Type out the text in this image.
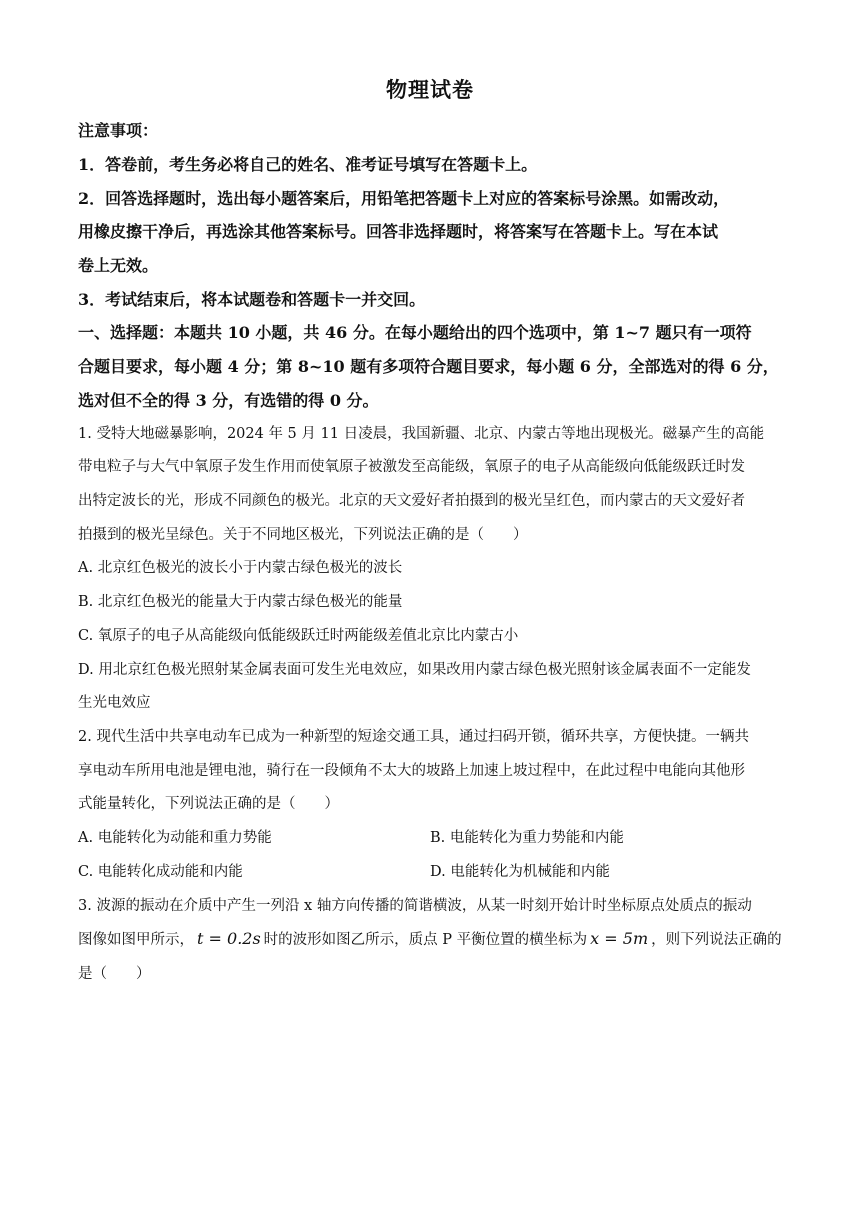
物理试卷
注意事项：
1．答卷前，考生务必将自己的姓名、准考证号填写在答题卡上。
2．回答选择题时，选出每小题答案后，用铅笔把答题卡上对应的答案标号涂黑。如需改动，
用橡皮擦干净后，再选涂其他答案标号。回答非选择题时，将答案写在答题卡上。写在本试
卷上无效。
3．考试结束后，将本试题卷和答题卡一并交回。
一、选择题：本题共 10 小题，共 46 分。在每小题给出的四个选项中，第 1~7 题只有一项符
合题目要求，每小题 4 分；第 8~10 题有多项符合题目要求，每小题 6 分，全部选对的得 6 分，
选对但不全的得 3 分，有选错的得 0 分。
1. 受特大地磁暴影响，2024 年 5 月 11 日凌晨，我国新疆、北京、内蒙古等地出现极光。磁暴产生的高能
带电粒子与大气中氧原子发生作用而使氧原子被激发至高能级，氧原子的电子从高能级向低能级跃迁时发
出特定波长的光，形成不同颜色的极光。北京的天文爱好者拍摄到的极光呈红色，而内蒙古的天文爱好者
拍摄到的极光呈绿色。关于不同地区极光，下列说法正确的是（　　）
A. 北京红色极光的波长小于内蒙古绿色极光的波长
B. 北京红色极光的能量大于内蒙古绿色极光的能量
C. 氧原子的电子从高能级向低能级跃迁时两能级差值北京比内蒙古小
D. 用北京红色极光照射某金属表面可发生光电效应，如果改用内蒙古绿色极光照射该金属表面不一定能发
生光电效应
2. 现代生活中共享电动车已成为一种新型的短途交通工具，通过扫码开锁，循环共享，方便快捷。一辆共
享电动车所用电池是锂电池，骑行在一段倾角不太大的坡路上加速上坡过程中，在此过程中电能向其他形
式能量转化，下列说法正确的是（　　）
A. 电能转化为动能和重力势能	B. 电能转化为重力势能和内能
C. 电能转化成动能和内能	D. 电能转化为机械能和内能
3. 波源的振动在介质中产生一列沿 x 轴方向传播的简谐横波，从某一时刻开始计时坐标原点处质点的振动
图像如图甲所示， t = 0.2s 时的波形如图乙所示，质点 P 平衡位置的横坐标为 x = 5m ，则下列说法正确的
是（　　）
